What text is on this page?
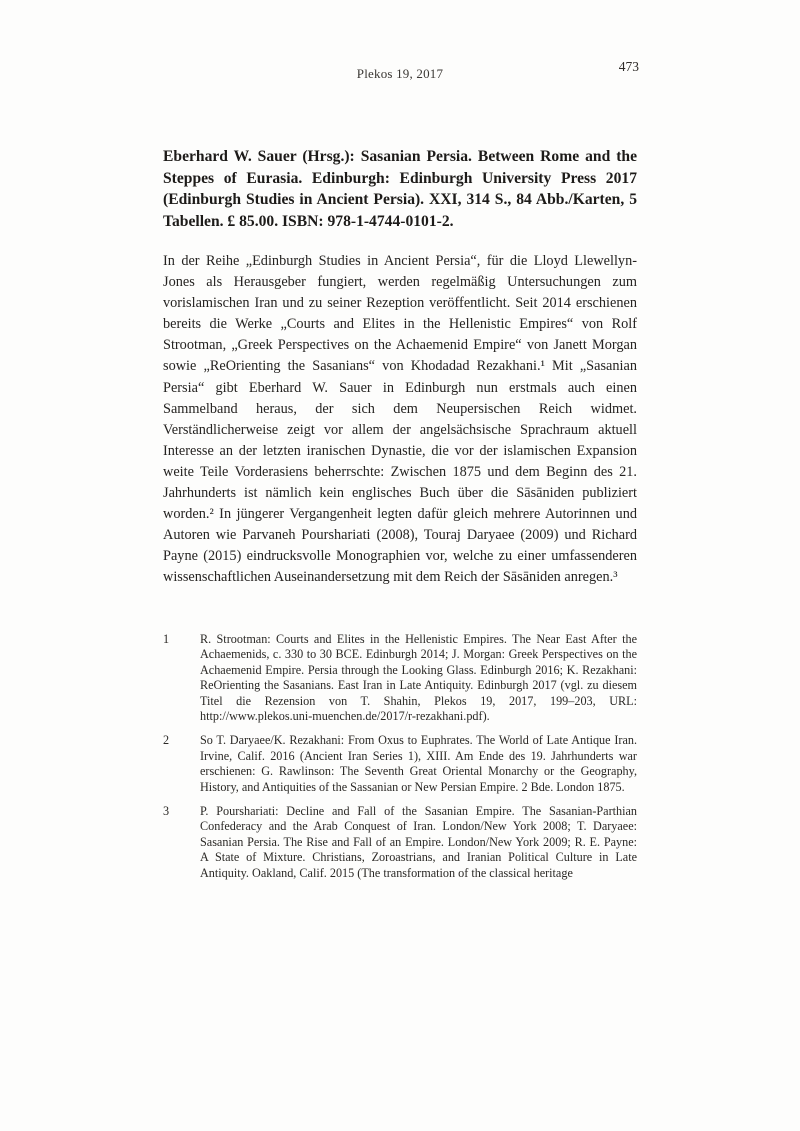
Plekos 19, 2017	473
Eberhard W. Sauer (Hrsg.): Sasanian Persia. Between Rome and the Steppes of Eurasia. Edinburgh: Edinburgh University Press 2017 (Edinburgh Studies in Ancient Persia). XXI, 314 S., 84 Abb./Karten, 5 Tabellen. £ 85.00. ISBN: 978-1-4744-0101-2.
In der Reihe „Edinburgh Studies in Ancient Persia“, für die Lloyd Llewellyn-Jones als Herausgeber fungiert, werden regelmäßig Untersuchungen zum vorislamischen Iran und zu seiner Rezeption veröffentlicht. Seit 2014 erschienen bereits die Werke „Courts and Elites in the Hellenistic Empires“ von Rolf Strootman, „Greek Perspectives on the Achaemenid Empire“ von Janett Morgan sowie „ReOrienting the Sasanians“ von Khodadad Rezakhani.¹ Mit „Sasanian Persia“ gibt Eberhard W. Sauer in Edinburgh nun erstmals auch einen Sammelband heraus, der sich dem Neupersischen Reich widmet. Verständlicherweise zeigt vor allem der angelsächsische Sprachraum aktuell Interesse an der letzten iranischen Dynastie, die vor der islamischen Expansion weite Teile Vorderasiens beherrschte: Zwischen 1875 und dem Beginn des 21. Jahrhunderts ist nämlich kein englisches Buch über die Sāsāniden publiziert worden.² In jüngerer Vergangenheit legten dafür gleich mehrere Autorinnen und Autoren wie Parvaneh Pourshariati (2008), Touraj Daryaee (2009) und Richard Payne (2015) eindrucksvolle Monographien vor, welche zu einer umfassenderen wissenschaftlichen Auseinandersetzung mit dem Reich der Sāsāniden anregen.³
1	R. Strootman: Courts and Elites in the Hellenistic Empires. The Near East After the Achaemenids, c. 330 to 30 BCE. Edinburgh 2014; J. Morgan: Greek Perspectives on the Achaemenid Empire. Persia through the Looking Glass. Edinburgh 2016; K. Rezakhani: ReOrienting the Sasanians. East Iran in Late Antiquity. Edinburgh 2017 (vgl. zu diesem Titel die Rezension von T. Shahin, Plekos 19, 2017, 199–203, URL: http://www.plekos.uni-muenchen.de/2017/r-rezakhani.pdf).
2	So T. Daryaee/K. Rezakhani: From Oxus to Euphrates. The World of Late Antique Iran. Irvine, Calif. 2016 (Ancient Iran Series 1), XIII. Am Ende des 19. Jahrhunderts war erschienen: G. Rawlinson: The Seventh Great Oriental Monarchy or the Geography, History, and Antiquities of the Sassanian or New Persian Empire. 2 Bde. London 1875.
3	P. Pourshariati: Decline and Fall of the Sasanian Empire. The Sasanian-Parthian Confederacy and the Arab Conquest of Iran. London/New York 2008; T. Daryaee: Sasanian Persia. The Rise and Fall of an Empire. London/New York 2009; R. E. Payne: A State of Mixture. Christians, Zoroastrians, and Iranian Political Culture in Late Antiquity. Oakland, Calif. 2015 (The transformation of the classical heritage
